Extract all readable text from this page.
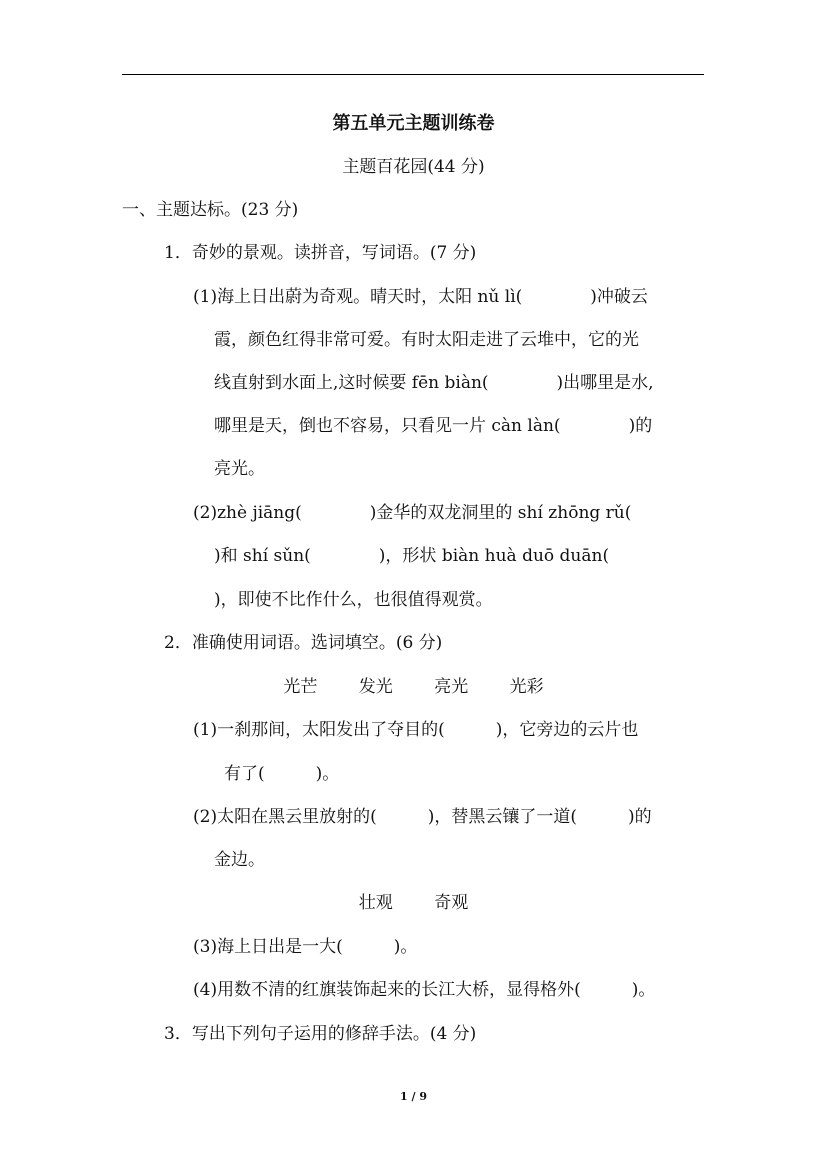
第五单元主题训练卷
主题百花园(44 分)
一、主题达标。(23 分)
1．奇妙的景观。读拼音，写词语。(7 分)
(1)海上日出蔚为奇观。晴天时，太阳 nǔ lì(　　　　)冲破云
霞，颜色红得非常可爱。有时太阳走进了云堆中，它的光
线直射到水面上,这时候要 fēn biàn(　　　　)出哪里是水,
哪里是天，倒也不容易，只看见一片 càn làn(　　　　)的
亮光。
(2)zhè jiāng(　　　　)金华的双龙洞里的 shí zhōng rǔ(
)和 shí sǔn(　　　　)，形状 biàn huà duō duān(
)，即使不比作什么，也很值得观赏。
2．准确使用词语。选词填空。(6 分)
光芒 发光 亮光 光彩
(1)一刹那间，太阳发出了夺目的(　　　)，它旁边的云片也
有了(　　　)。
(2)太阳在黑云里放射的(　　　)，替黑云镶了一道(　　　)的
金边。
壮观 奇观
(3)海上日出是一大(　　　)。
(4)用数不清的红旗装饰起来的长江大桥，显得格外(　　　)。
3．写出下列句子运用的修辞手法。(4 分)
1 / 9
